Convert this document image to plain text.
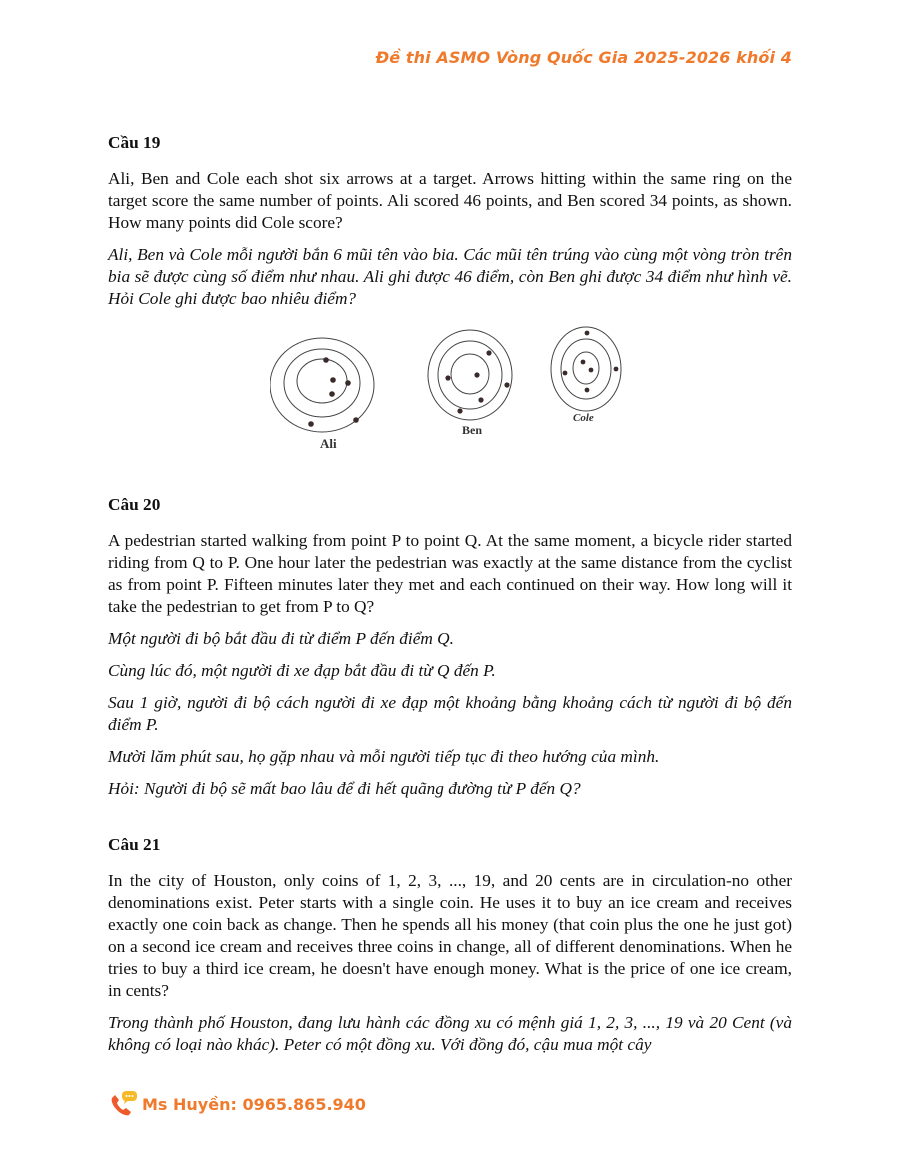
Đề thi ASMO Vòng Quốc Gia 2025-2026 khối 4

Cầu 19

Ali, Ben and Cole each shot six arrows at a target. Arrows hitting within the same ring on the target score the same number of points. Ali scored 46 points, and Ben scored 34 points, as shown. How many points did Cole score?

Ali, Ben và Cole mỗi người bắn 6 mũi tên vào bia. Các mũi tên trúng vào cùng một vòng tròn trên bia sẽ được cùng số điểm như nhau. Ali ghi được 46 điểm, còn Ben ghi được 34 điểm như hình vẽ. Hỏi Cole ghi được bao nhiêu điểm?

Ali
Ben
Cole

Câu 20

A pedestrian started walking from point P to point Q. At the same moment, a bicycle rider started riding from Q to P. One hour later the pedestrian was exactly at the same distance from the cyclist as from point P. Fifteen minutes later they met and each continued on their way. How long will it take the pedestrian to get from P to Q?

Một người đi bộ bắt đầu đi từ điểm P đến điểm Q.

Cùng lúc đó, một người đi xe đạp bắt đầu đi từ Q đến P.

Sau 1 giờ, người đi bộ cách người đi xe đạp một khoảng bằng khoảng cách từ người đi bộ đến điểm P.

Mười lăm phút sau, họ gặp nhau và mỗi người tiếp tục đi theo hướng của mình.

Hỏi: Người đi bộ sẽ mất bao lâu để đi hết quãng đường từ P đến Q?

Câu 21

In the city of Houston, only coins of 1, 2, 3, ..., 19, and 20 cents are in circulation-no other denominations exist. Peter starts with a single coin. He uses it to buy an ice cream and receives exactly one coin back as change. Then he spends all his money (that coin plus the one he just got) on a second ice cream and receives three coins in change, all of different denominations. When he tries to buy a third ice cream, he doesn't have enough money. What is the price of one ice cream, in cents?

Trong thành phố Houston, đang lưu hành các đồng xu có mệnh giá 1, 2, 3, ..., 19 và 20 Cent (và không có loại nào khác). Peter có một đồng xu. Với đồng đó, cậu mua một cây

Ms Huyền: 0965.865.940
